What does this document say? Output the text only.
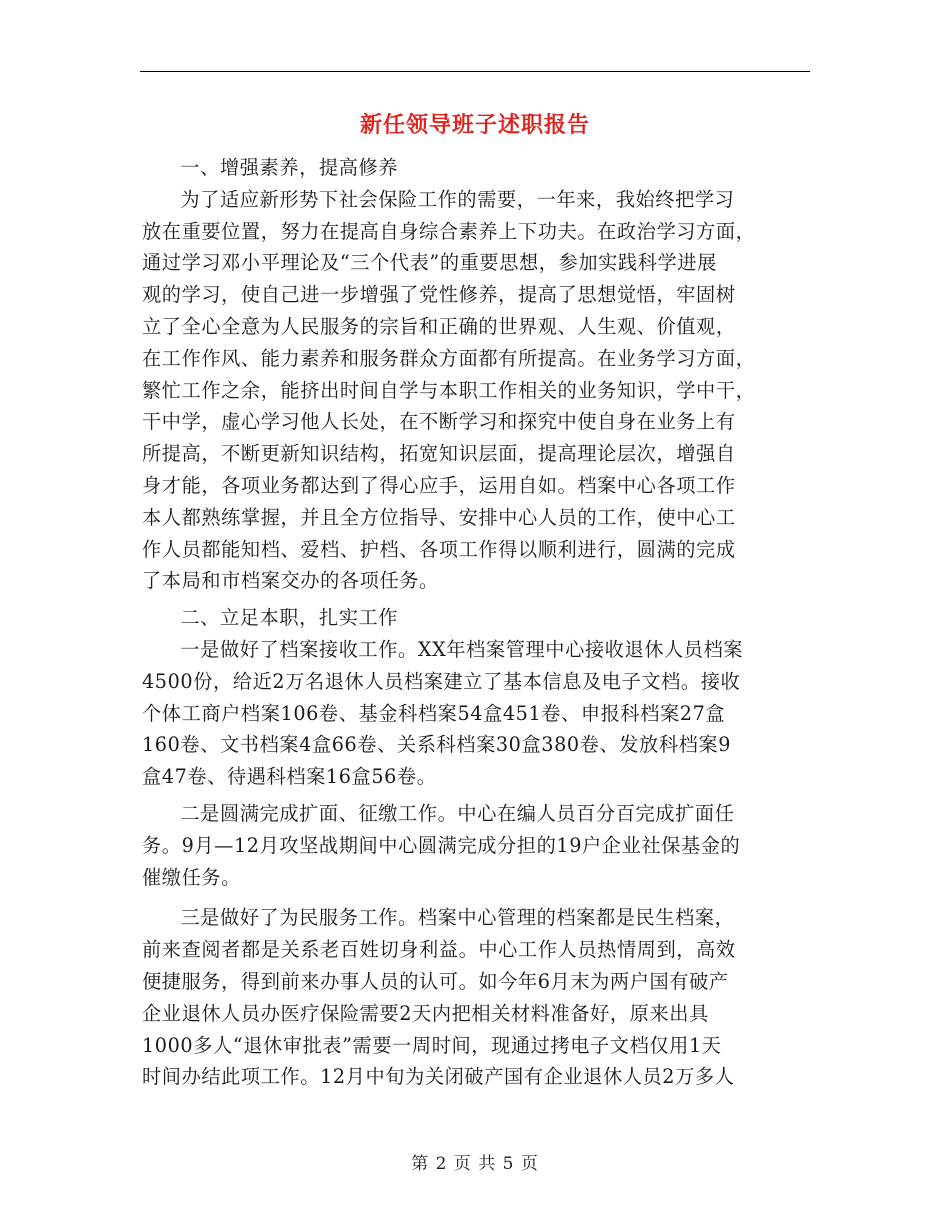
新任领导班子述职报告

一、增强素养，提高修养

为了适应新形势下社会保险工作的需要，一年来，我始终把学习
放在重要位置，努力在提高自身综合素养上下功夫。在政治学习方面，
通过学习邓小平理论及“三个代表”的重要思想，参加实践科学进展
观的学习，使自己进一步增强了党性修养，提高了思想觉悟，牢固树
立了全心全意为人民服务的宗旨和正确的世界观、人生观、价值观，
在工作作风、能力素养和服务群众方面都有所提高。在业务学习方面，
繁忙工作之余，能挤出时间自学与本职工作相关的业务知识，学中干，
干中学，虚心学习他人长处，在不断学习和探究中使自身在业务上有
所提高，不断更新知识结构，拓宽知识层面，提高理论层次，增强自
身才能，各项业务都达到了得心应手，运用自如。档案中心各项工作
本人都熟练掌握，并且全方位指导、安排中心人员的工作，使中心工
作人员都能知档、爱档、护档、各项工作得以顺利进行，圆满的完成
了本局和市档案交办的各项任务。

二、立足本职，扎实工作

一是做好了档案接收工作。XX年档案管理中心接收退休人员档案
4500份，给近2万名退休人员档案建立了基本信息及电子文档。接收
个体工商户档案106卷、基金科档案54盒451卷、申报科档案27盒
160卷、文书档案4盒66卷、关系科档案30盒380卷、发放科档案9
盒47卷、待遇科档案16盒56卷。

二是圆满完成扩面、征缴工作。中心在编人员百分百完成扩面任
务。9月—12月攻坚战期间中心圆满完成分担的19户企业社保基金的
催缴任务。

三是做好了为民服务工作。档案中心管理的档案都是民生档案，
前来查阅者都是关系老百姓切身利益。中心工作人员热情周到，高效
便捷服务，得到前来办事人员的认可。如今年6月末为两户国有破产
企业退休人员办医疗保险需要2天内把相关材料准备好，原来出具
1000多人“退休审批表”需要一周时间，现通过拷电子文档仅用1天
时间办结此项工作。12月中旬为关闭破产国有企业退休人员2万多人

第 2 页 共 5 页
